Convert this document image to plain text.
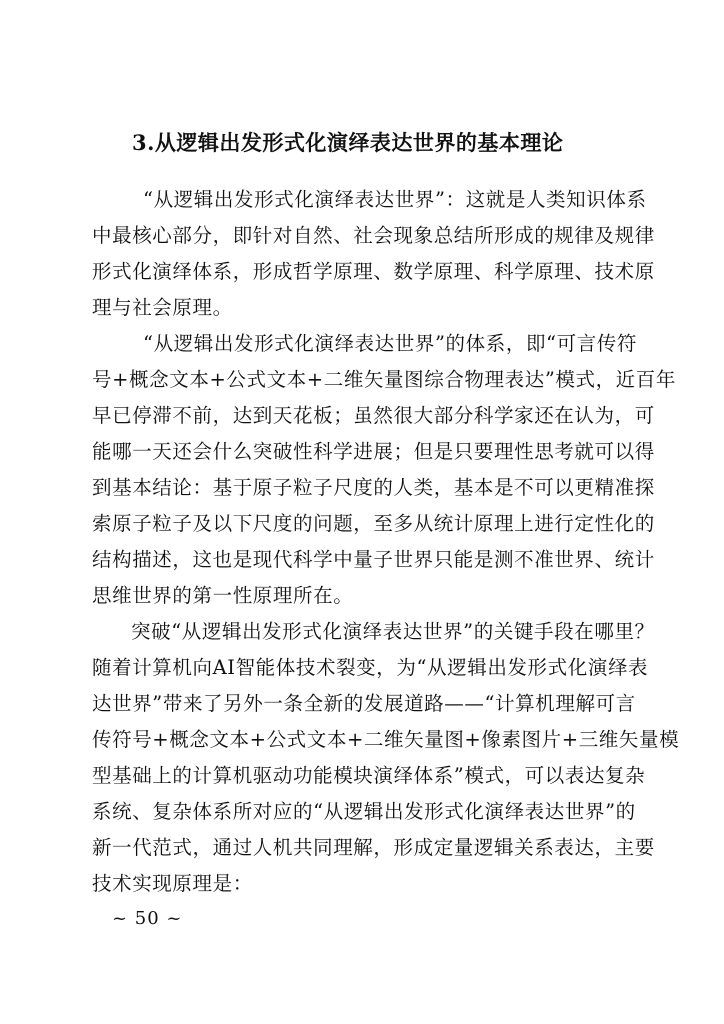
3.从逻辑出发形式化演绎表达世界的基本理论
“从逻辑出发形式化演绎表达世界”：这就是人类知识体系
中最核心部分，即针对自然、社会现象总结所形成的规律及规律
形式化演绎体系，形成哲学原理、数学原理、科学原理、技术原
理与社会原理。
“从逻辑出发形式化演绎表达世界”的体系，即“可言传符
号+概念文本+公式文本+二维矢量图综合物理表达”模式，近百年
早已停滞不前，达到天花板；虽然很大部分科学家还在认为，可
能哪一天还会什么突破性科学进展；但是只要理性思考就可以得
到基本结论：基于原子粒子尺度的人类，基本是不可以更精准探
索原子粒子及以下尺度的问题，至多从统计原理上进行定性化的
结构描述，这也是现代科学中量子世界只能是测不准世界、统计
思维世界的第一性原理所在。
突破“从逻辑出发形式化演绎表达世界”的关键手段在哪里？
随着计算机向AI智能体技术裂变，为“从逻辑出发形式化演绎表
达世界”带来了另外一条全新的发展道路——“计算机理解可言
传符号+概念文本+公式文本+二维矢量图+像素图片+三维矢量模
型基础上的计算机驱动功能模块演绎体系”模式，可以表达复杂
系统、复杂体系所对应的“从逻辑出发形式化演绎表达世界”的
新一代范式，通过人机共同理解，形成定量逻辑关系表达，主要
技术实现原理是：
~ 50 ~
